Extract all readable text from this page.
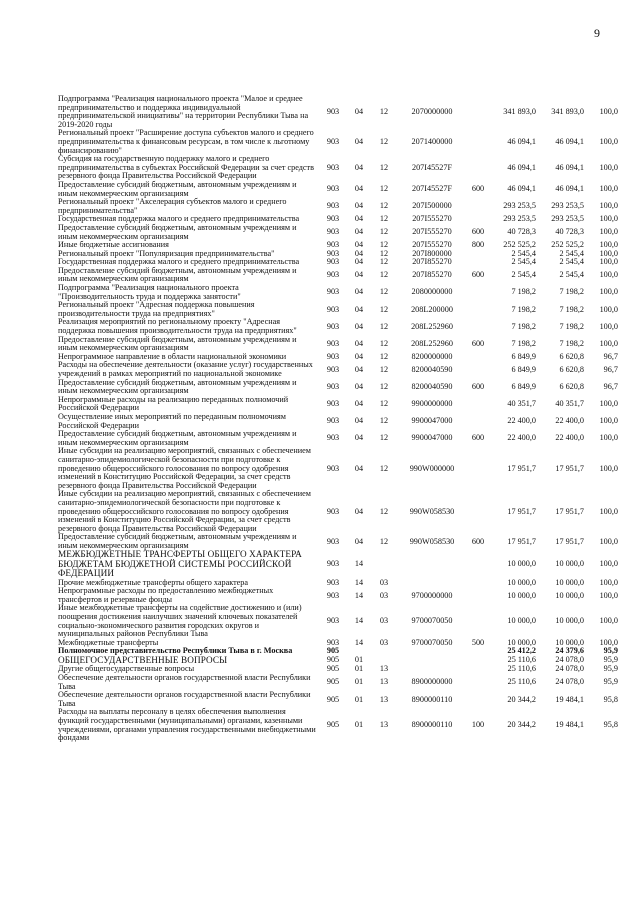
9
Подпрограмма "Реализация национального проекта "Малое и среднее предпринимательство и поддержка индивидуальной предпринимательской инициативы" на территории Республики Тыва на 2019-2020 годы	903	04	12	2070000000		341 893,0	341 893,0	100,0
Региональный проект "Расширение доступа субъектов малого и среднего предпринимательства к финансовым ресурсам, в том числе к льготному финансированию"	903	04	12	2071400000		46 094,1	46 094,1	100,0
Субсидия на государственную поддержку малого и среднего предпринимательства в субъектах Российской Федерации за счет средств резервного фонда Правительства Российской Федерации	903	04	12	207I45527F		46 094,1	46 094,1	100,0
Предоставление субсидий бюджетным, автономным учреждениям и иным некоммерческим организациям	903	04	12	207I45527F	600	46 094,1	46 094,1	100,0
Региональный проект "Акселерация субъектов малого и среднего предпринимательства"	903	04	12	207I500000		293 253,5	293 253,5	100,0
Государственная поддержка малого и среднего предпринимательства	903	04	12	207I555270		293 253,5	293 253,5	100,0
Предоставление субсидий бюджетным, автономным учреждениям и иным некоммерческим организациям	903	04	12	207I555270	600	40 728,3	40 728,3	100,0
Иные бюджетные ассигнования	903	04	12	207I555270	800	252 525,2	252 525,2	100,0
Региональный проект "Популяризация предпринимательства"	903	04	12	207I800000		2 545,4	2 545,4	100,0
Государственная поддержка малого и среднего предпринимательства	903	04	12	207I855270		2 545,4	2 545,4	100,0
Предоставление субсидий бюджетным, автономным учреждениям и иным некоммерческим организациям	903	04	12	207I855270	600	2 545,4	2 545,4	100,0
Подпрограмма "Реализация национального проекта "Производительность труда и поддержка занятости"	903	04	12	2080000000		7 198,2	7 198,2	100,0
Региональный проект "Адресная поддержка повышения производительности труда на предприятиях"	903	04	12	208L200000		7 198,2	7 198,2	100,0
Реализация мероприятий по региональному проекту "Адресная поддержка повышения производительности труда на предприятиях"	903	04	12	208L252960		7 198,2	7 198,2	100,0
Предоставление субсидий бюджетным, автономным учреждениям и иным некоммерческим организациям	903	04	12	208L252960	600	7 198,2	7 198,2	100,0
Непрограммное направление в области национальной экономики	903	04	12	8200000000		6 849,9	6 620,8	96,7
Расходы на обеспечение деятельности (оказание услуг) государственных учреждений в рамках мероприятий по национальной экономике	903	04	12	8200040590		6 849,9	6 620,8	96,7
Предоставление субсидий бюджетным, автономным учреждениям и иным некоммерческим организациям	903	04	12	8200040590	600	6 849,9	6 620,8	96,7
Непрограммные расходы на реализацию переданных полномочий Российской Федерации	903	04	12	9900000000		40 351,7	40 351,7	100,0
Осуществление иных мероприятий по переданным полномочиям Российской Федерации	903	04	12	9900047000		22 400,0	22 400,0	100,0
Предоставление субсидий бюджетным, автономным учреждениям и иным некоммерческим организациям	903	04	12	9900047000	600	22 400,0	22 400,0	100,0
Иные субсидии на реализацию мероприятий, связанных с обеспечением санитарно-эпидемиологической безопасности при подготовке к проведению общероссийского голосования по вопросу одобрения изменений в Конституцию Российской Федерации, за счет средств резервного фонда Правительства Российской Федерации	903	04	12	990W000000		17 951,7	17 951,7	100,0
Иные субсидии на реализацию мероприятий, связанных с обеспечением санитарно-эпидемиологической безопасности при подготовке к проведению общероссийского голосования по вопросу одобрения изменений в Конституцию Российской Федерации, за счет средств резервного фонда Правительства Российской Федерации	903	04	12	990W058530		17 951,7	17 951,7	100,0
Предоставление субсидий бюджетным, автономным учреждениям и иным некоммерческим организациям	903	04	12	990W058530	600	17 951,7	17 951,7	100,0
МЕЖБЮДЖЕТНЫЕ ТРАНСФЕРТЫ ОБЩЕГО ХАРАКТЕРА БЮДЖЕТАМ БЮДЖЕТНОЙ СИСТЕМЫ РОССИЙСКОЙ ФЕДЕРАЦИИ	903	14				10 000,0	10 000,0	100,0
Прочие межбюджетные трансферты общего характера	903	14	03			10 000,0	10 000,0	100,0
Непрограммные расходы по предоставлению межбюджетных трансфертов и резервные фонды	903	14	03	9700000000		10 000,0	10 000,0	100,0
Иные межбюджетные трансферты на содействие достижению и (или) поощрения достижения наилучших значений ключевых показателей социально-экономического развития городских округов и муниципальных районов Республики Тыва	903	14	03	9700070050		10 000,0	10 000,0	100,0
Межбюджетные трансферты	903	14	03	9700070050	500	10 000,0	10 000,0	100,0
Полномочное представительство Республики Тыва в г. Москва	905					25 412,2	24 379,6	95,9
ОБЩЕГОСУДАРСТВЕННЫЕ ВОПРОСЫ	905	01				25 110,6	24 078,0	95,9
Другие общегосударственные вопросы	905	01	13			25 110,6	24 078,0	95,9
Обеспечение деятельности органов государственной власти Республики Тыва	905	01	13	8900000000		25 110,6	24 078,0	95,9
Обеспечение деятельности органов государственной власти Республики Тыва	905	01	13	8900000110		20 344,2	19 484,1	95,8
Расходы на выплаты персоналу в целях обеспечения выполнения функций государственными (муниципальными) органами, казенными учреждениями, органами управления государственными внебюджетными фондами	905	01	13	8900000110	100	20 344,2	19 484,1	95,8
